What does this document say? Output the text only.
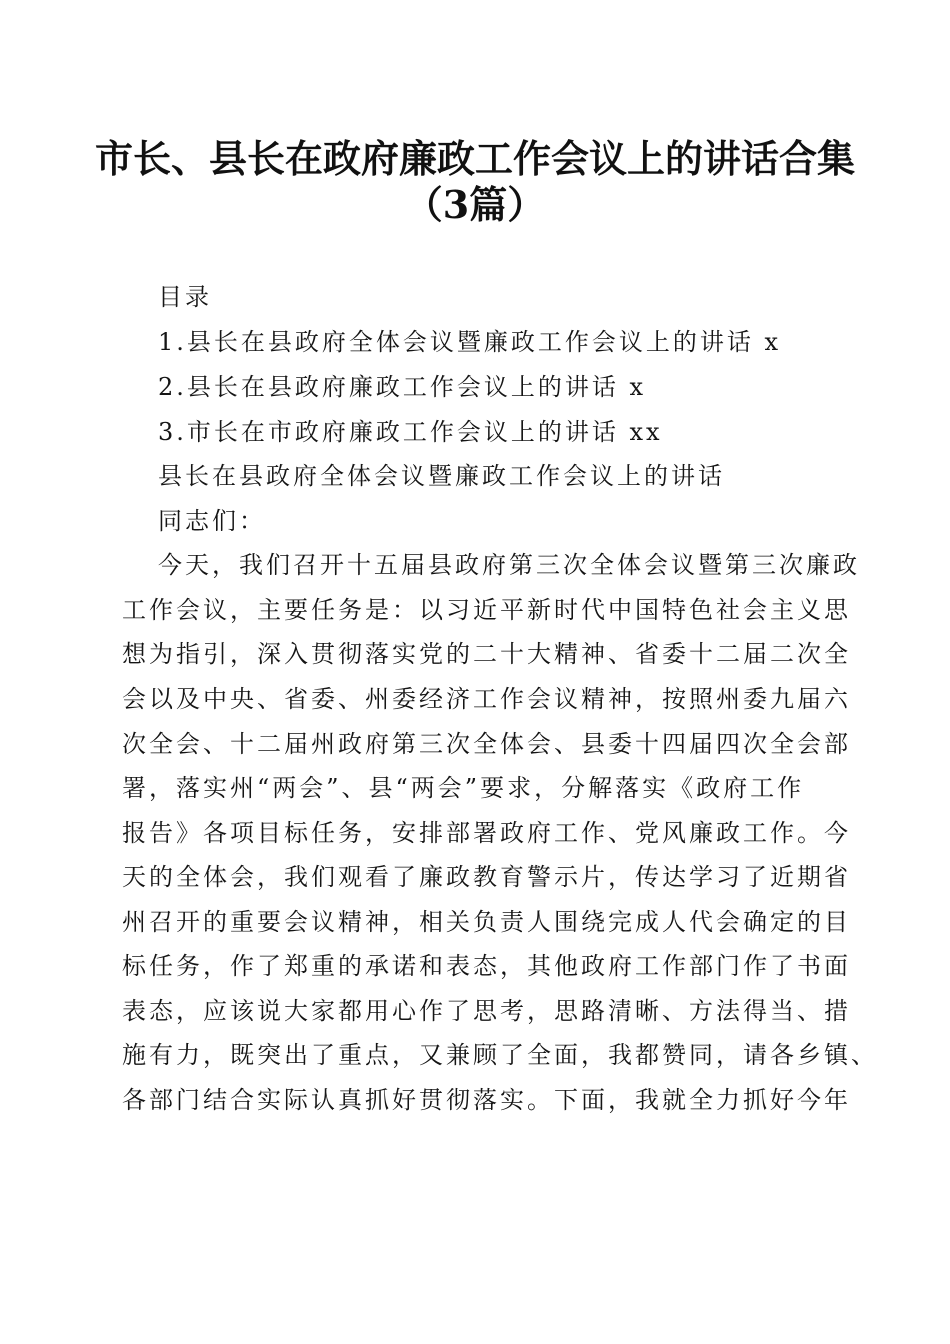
市长、县长在政府廉政工作会议上的讲话合集
（3篇）
目录
1.县长在县政府全体会议暨廉政工作会议上的讲话 x
2.县长在县政府廉政工作会议上的讲话 x
3.市长在市政府廉政工作会议上的讲话 xx
县长在县政府全体会议暨廉政工作会议上的讲话
同志们：
今天，我们召开十五届县政府第三次全体会议暨第三次廉政
工作会议，主要任务是：以习近平新时代中国特色社会主义思
想为指引，深入贯彻落实党的二十大精神、省委十二届二次全
会以及中央、省委、州委经济工作会议精神，按照州委九届六
次全会、十二届州政府第三次全体会、县委十四届四次全会部
署，落实州“两会”、县“两会”要求，分解落实《政府工作
报告》各项目标任务，安排部署政府工作、党风廉政工作。今
天的全体会，我们观看了廉政教育警示片，传达学习了近期省
州召开的重要会议精神，相关负责人围绕完成人代会确定的目
标任务，作了郑重的承诺和表态，其他政府工作部门作了书面
表态，应该说大家都用心作了思考，思路清晰、方法得当、措
施有力，既突出了重点，又兼顾了全面，我都赞同，请各乡镇、
各部门结合实际认真抓好贯彻落实。下面，我就全力抓好今年
